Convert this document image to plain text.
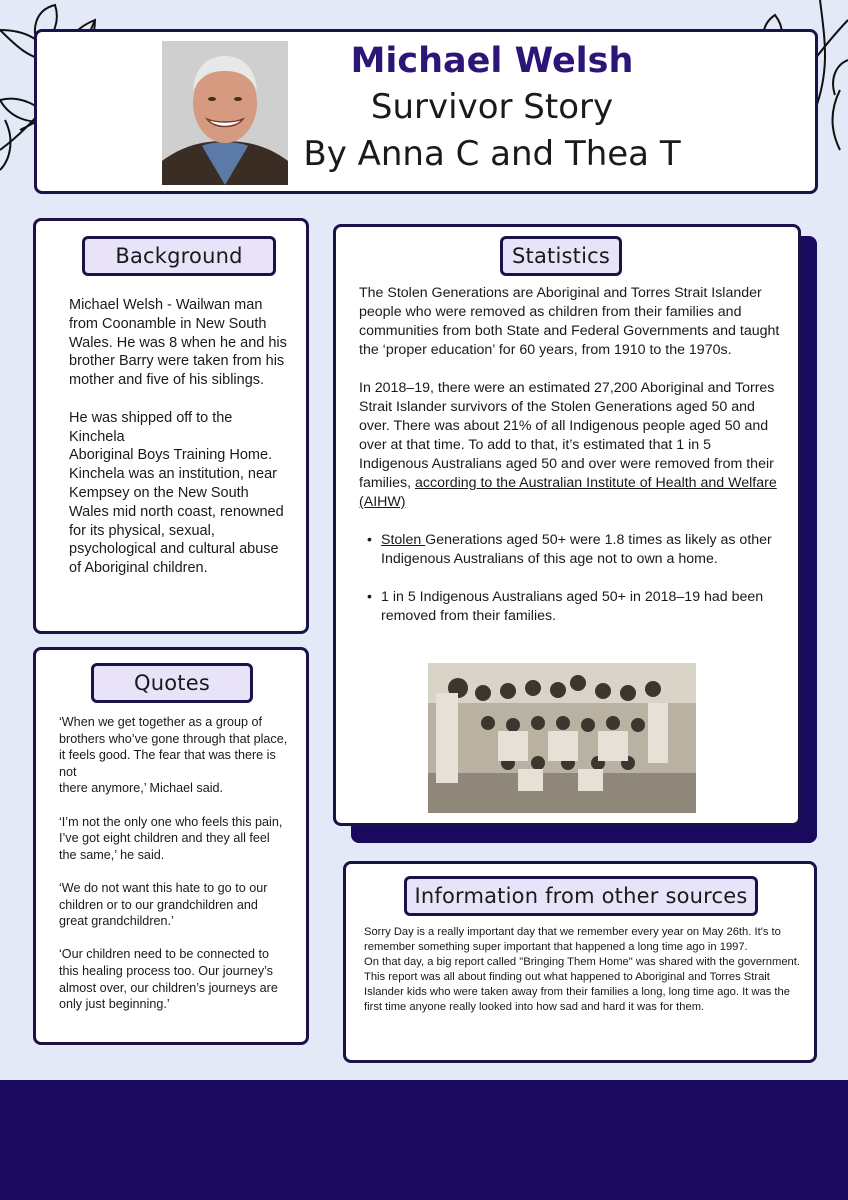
Michael Welsh
Survivor Story
By Anna C and Thea T
Background

Michael Welsh - Wailwan man from Coonamble in New South Wales. He was 8 when he and his brother Barry were taken from his mother and five of his siblings.

He was shipped off to the Kinchela
Aboriginal Boys Training Home. Kinchela was an institution, near Kempsey on the New South Wales mid north coast, renowned for its physical, sexual, psychological and cultural abuse of Aboriginal children.

Quotes

‘When we get together as a group of brothers who’ve gone through that place,
it feels good. The fear that was there is not
there anymore,’ Michael said.

‘I’m not the only one who feels this pain, I’ve got eight children and they all feel the same,’ he said.

‘We do not want this hate to go to our children or to our grandchildren and great grandchildren.’

‘Our children need to be connected to this healing process too. Our journey’s almost over, our children’s journeys are only just beginning.’

Statistics

The Stolen Generations are Aboriginal and Torres Strait Islander people who were removed as children from their families and communities from both State and Federal Governments and taught the ‘proper education’ for 60 years, from 1910 to the 1970s.

In 2018–19, there were an estimated 27,200 Aboriginal and Torres Strait Islander survivors of the Stolen Generations aged 50 and over. There was about 21% of all Indigenous people aged 50 and over at that time. To add to that, it’s estimated that 1 in 5 Indigenous Australians aged 50 and over were removed from their families, according to the Australian Institute of Health and Welfare (AIHW)

• Stolen Generations aged 50+ were 1.8 times as likely as other Indigenous Australians of this age not to own a home.
• 1 in 5 Indigenous Australians aged 50+ in 2018–19 had been removed from their families.
Information from other sources
Sorry Day is a really important day that we remember every year on May 26th. It's to remember something super important that happened a long time ago in 1997.
On that day, a big report called "Bringing Them Home" was shared with the government. This report was all about finding out what happened to Aboriginal and Torres Strait Islander kids who were taken away from their families a long, long time ago. It was the first time anyone really looked into how sad and hard it was for them.
